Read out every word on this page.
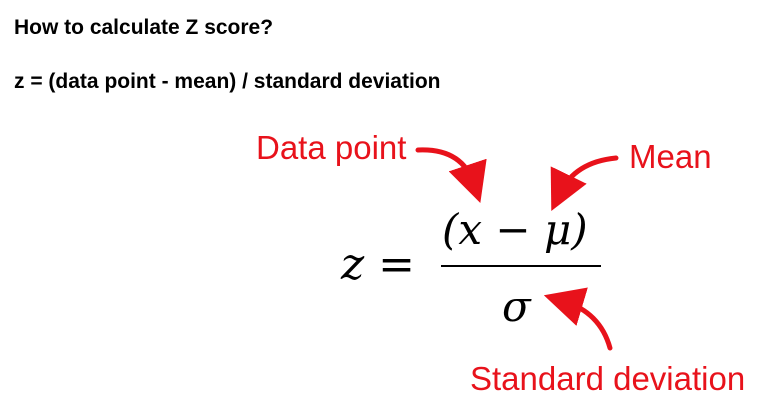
How to calculate Z score?
z = (data point - mean) / standard deviation
Data point	Mean
Standard deviation
z =
(x − μ)
σ
